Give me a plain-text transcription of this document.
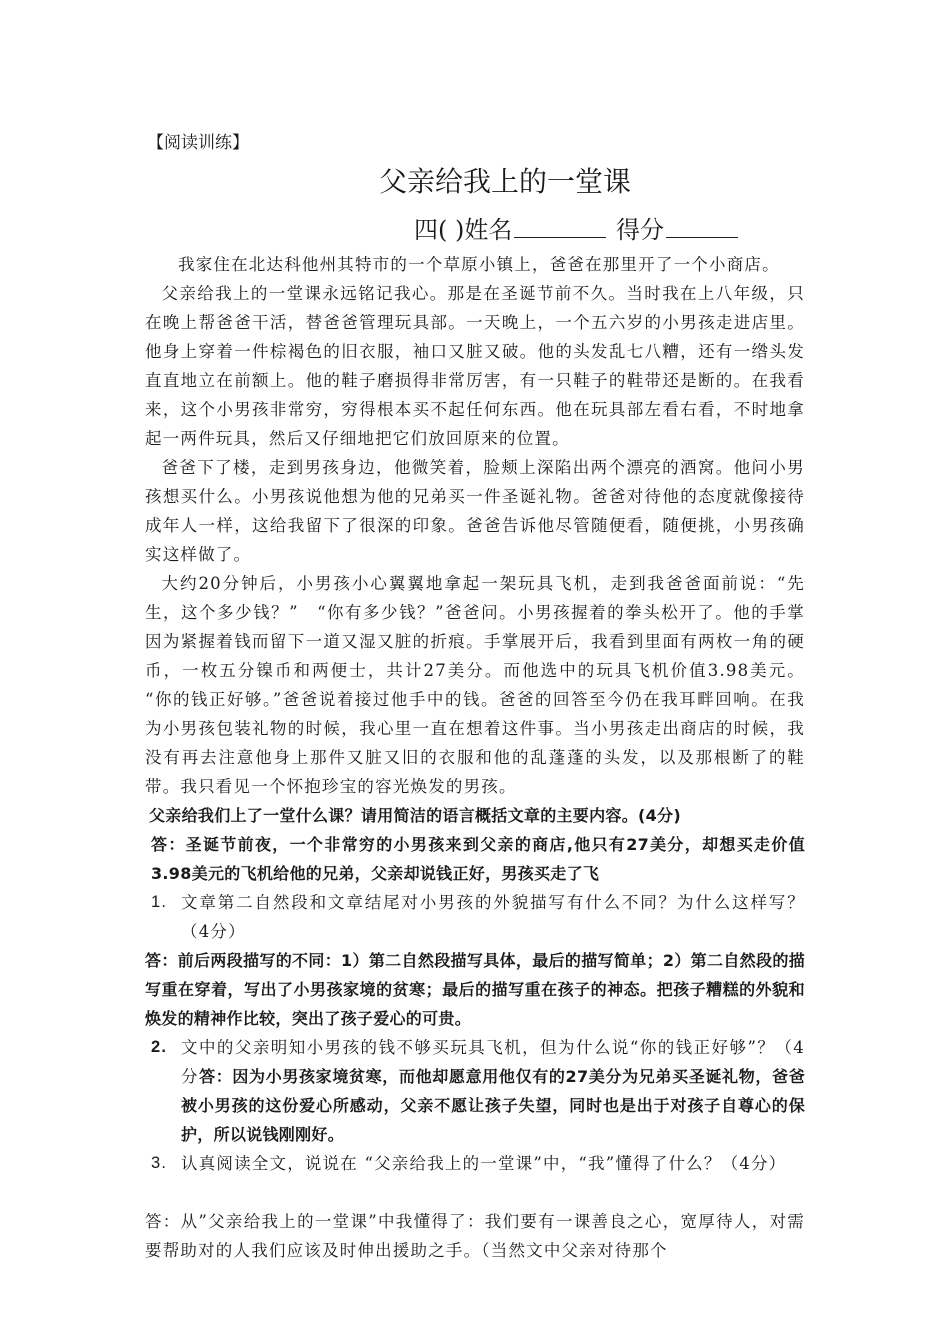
【阅读训练】
父亲给我上的一堂课
四( )姓名	得分

我家住在北达科他州其特市的一个草原小镇上，爸爸在那里开了一个小商店。

父亲给我上的一堂课永远铭记我心。那是在圣诞节前不久。当时我在上八年级，只在晚上帮爸爸干活，替爸爸管理玩具部。一天晚上，一个五六岁的小男孩走进店里。他身上穿着一件棕褐色的旧衣服，袖口又脏又破。他的头发乱七八糟，还有一绺头发直直地立在前额上。他的鞋子磨损得非常厉害，有一只鞋子的鞋带还是断的。在我看来，这个小男孩非常穷，穷得根本买不起任何东西。他在玩具部左看右看，不时地拿起一两件玩具，然后又仔细地把它们放回原来的位置。

爸爸下了楼，走到男孩身边，他微笑着，脸颊上深陷出两个漂亮的酒窝。他问小男孩想买什么。小男孩说他想为他的兄弟买一件圣诞礼物。爸爸对待他的态度就像接待成年人一样，这给我留下了很深的印象。爸爸告诉他尽管随便看，随便挑，小男孩确实这样做了。

大约20分钟后，小男孩小心翼翼地拿起一架玩具飞机，走到我爸爸面前说：“先生，这个多少钱？”　“你有多少钱？”爸爸问。小男孩握着的拳头松开了。他的手掌因为紧握着钱而留下一道又湿又脏的折痕。手掌展开后，我看到里面有两枚一角的硬币，一枚五分镍币和两便士，共计27美分。而他选中的玩具飞机价值3.98美元。 “你的钱正好够。”爸爸说着接过他手中的钱。爸爸的回答至今仍在我耳畔回响。在我为小男孩包装礼物的时候，我心里一直在想着这件事。当小男孩走出商店的时候，我没有再去注意他身上那件又脏又旧的衣服和他的乱蓬蓬的头发，以及那根断了的鞋带。我只看见一个怀抱珍宝的容光焕发的男孩。

父亲给我们上了一堂什么课？请用简洁的语言概括文章的主要内容。(4分)

答：圣诞节前夜，一个非常穷的小男孩来到父亲的商店,他只有27美分，却想买走价值3.98美元的飞机给他的兄弟，父亲却说钱正好，男孩买走了飞

1. 文章第二自然段和文章结尾对小男孩的外貌描写有什么不同？为什么这样写？（4分）

答：前后两段描写的不同：1）第二自然段描写具体，最后的描写简单；2）第二自然段的描写重在穿着，写出了小男孩家境的贫寒；最后的描写重在孩子的神态。把孩子糟糕的外貌和焕发的精神作比较，突出了孩子爱心的可贵。

2. 文中的父亲明知小男孩的钱不够买玩具飞机，但为什么说“你的钱正好够”？（4分答：因为小男孩家境贫寒，而他却愿意用他仅有的27美分为兄弟买圣诞礼物，爸爸被小男孩的这份爱心所感动，父亲不愿让孩子失望，同时也是出于对孩子自尊心的保护，所以说钱刚刚好。
3. 认真阅读全文，说说在 “父亲给我上的一堂课”中，“我”懂得了什么？（4分）

答：从”父亲给我上的一堂课”中我懂得了：我们要有一课善良之心，宽厚待人，对需要帮助对的人我们应该及时伸出援助之手。（当然文中父亲对待那个
